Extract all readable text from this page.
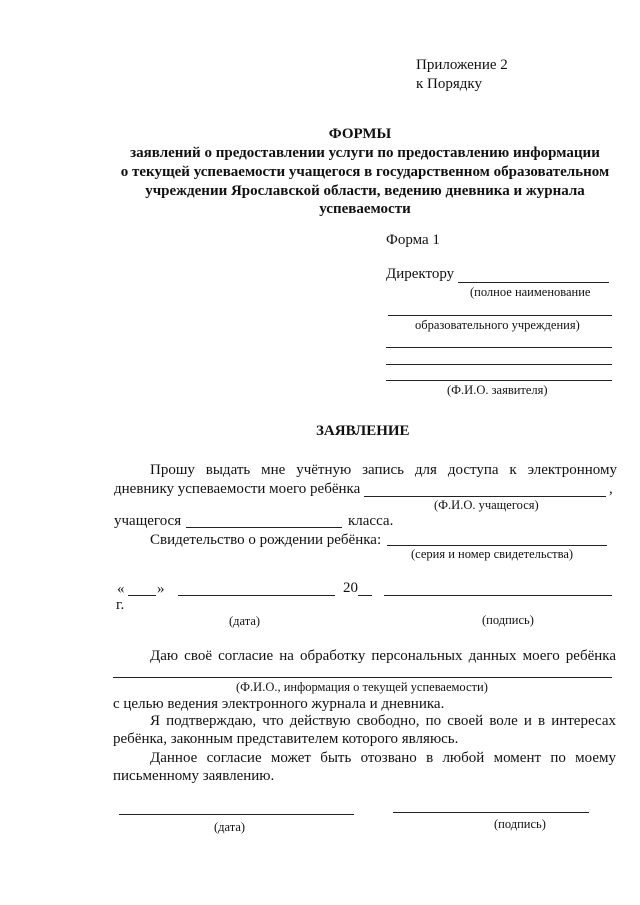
Приложение 2
к Порядку
ФОРМЫ
заявлений о предоставлении услуги по предоставлению информации
о текущей успеваемости учащегося в государственном образовательном
учреждении Ярославской области, ведению дневника и журнала
успеваемости
Форма 1
Директору
(полное наименование
образовательного учреждения)
(Ф.И.О. заявителя)
ЗАЯВЛЕНИЕ
Прошу выдать мне учётную запись для доступа к электронному
дневнику успеваемости моего ребёнка	,
(Ф.И.О. учащегося)
учащегося	класса.
Свидетельство о рождении ребёнка:
(серия и номер свидетельства)
« »	20
г.
(дата)	(подпись)
Даю своё согласие на обработку персональных данных моего ребёнка
(Ф.И.О., информация о текущей успеваемости)
с целью ведения электронного журнала и дневника.
Я подтверждаю, что действую свободно, по своей воле и в интересах
ребёнка, законным представителем которого являюсь.
Данное согласие может быть отозвано в любой момент по моему
письменному заявлению.
(дата)	(подпись)
